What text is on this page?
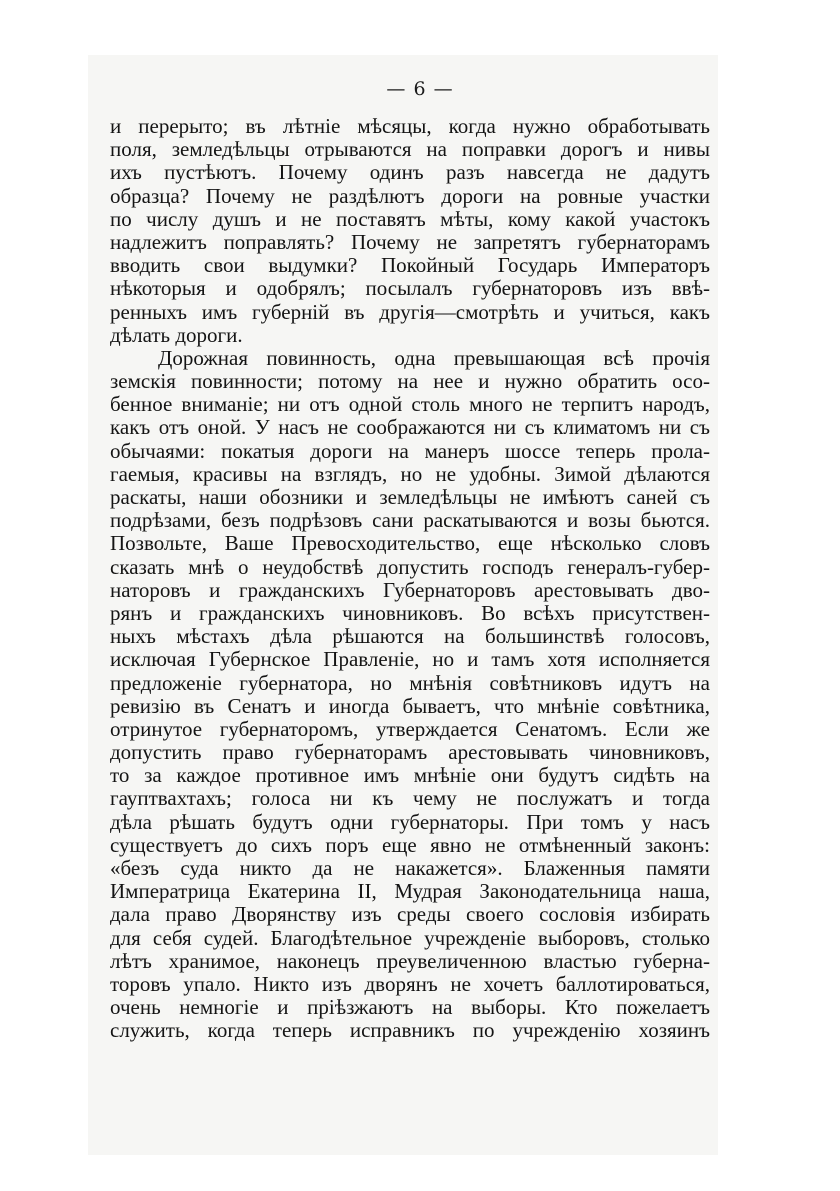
— 6 —
и перерыто; въ лѣтніе мѣсяцы, когда нужно обработывать
поля, земледѣльцы отрываются на поправки дорогъ и нивы
ихъ пустѣютъ. Почему одинъ разъ навсегда не дадутъ
образца? Почему не раздѣлютъ дороги на ровные участки
по числу душъ и не поставятъ мѣты, кому какой участокъ
надлежитъ поправлять? Почему не запретятъ губернаторамъ
вводить свои выдумки? Покойный Государь Императоръ
нѣкоторыя и одобрялъ; посылалъ губернаторовъ изъ ввѣ-
ренныхъ имъ губерній въ другія—смотрѣть и учиться, какъ
дѣлать дороги.
Дорожная повинность, одна превышающая всѣ прочія
земскія повинности; потому на нее и нужно обратить осо-
бенное вниманіе; ни отъ одной столь много не терпитъ народъ,
какъ отъ оной. У насъ не соображаются ни съ климатомъ ни съ
обычаями: покатыя дороги на манеръ шоссе теперь прола-
гаемыя, красивы на взглядъ, но не удобны. Зимой дѣлаются
раскаты, наши обозники и земледѣльцы не имѣютъ саней съ
подрѣзами, безъ подрѣзовъ сани раскатываются и возы бьются.
Позвольте, Ваше Превосходительство, еще нѣсколько словъ
сказать мнѣ о неудобствѣ допустить господъ генералъ-губер-
наторовъ и гражданскихъ Губернаторовъ арестовывать дво-
рянъ и гражданскихъ чиновниковъ. Во всѣхъ присутствен-
ныхъ мѣстахъ дѣла рѣшаются на большинствѣ голосовъ,
исключая Губернское Правленіе, но и тамъ хотя исполняется
предложеніе губернатора, но мнѣнія совѣтниковъ идутъ на
ревизію въ Сенатъ и иногда бываетъ, что мнѣніе совѣтника,
отринутое губернаторомъ, утверждается Сенатомъ. Если же
допустить право губернаторамъ арестовывать чиновниковъ,
то за каждое противное имъ мнѣніе они будутъ сидѣть на
гауптвахтахъ; голоса ни къ чему не послужатъ и тогда
дѣла рѣшать будутъ одни губернаторы. При томъ у насъ
существуетъ до сихъ поръ еще явно не отмѣненный законъ:
«безъ суда никто да не накажется». Блаженныя памяти
Императрица Екатерина II, Мудрая Законодательница наша,
дала право Дворянству изъ среды своего сословія избирать
для себя судей. Благодѣтельное учрежденіе выборовъ, столько
лѣтъ хранимое, наконецъ преувеличенною властью губерна-
торовъ упало. Никто изъ дворянъ не хочетъ баллотироваться,
очень немногіе и пріѣзжаютъ на выборы. Кто пожелаетъ
служить, когда теперь исправникъ по учрежденію хозяинъ
